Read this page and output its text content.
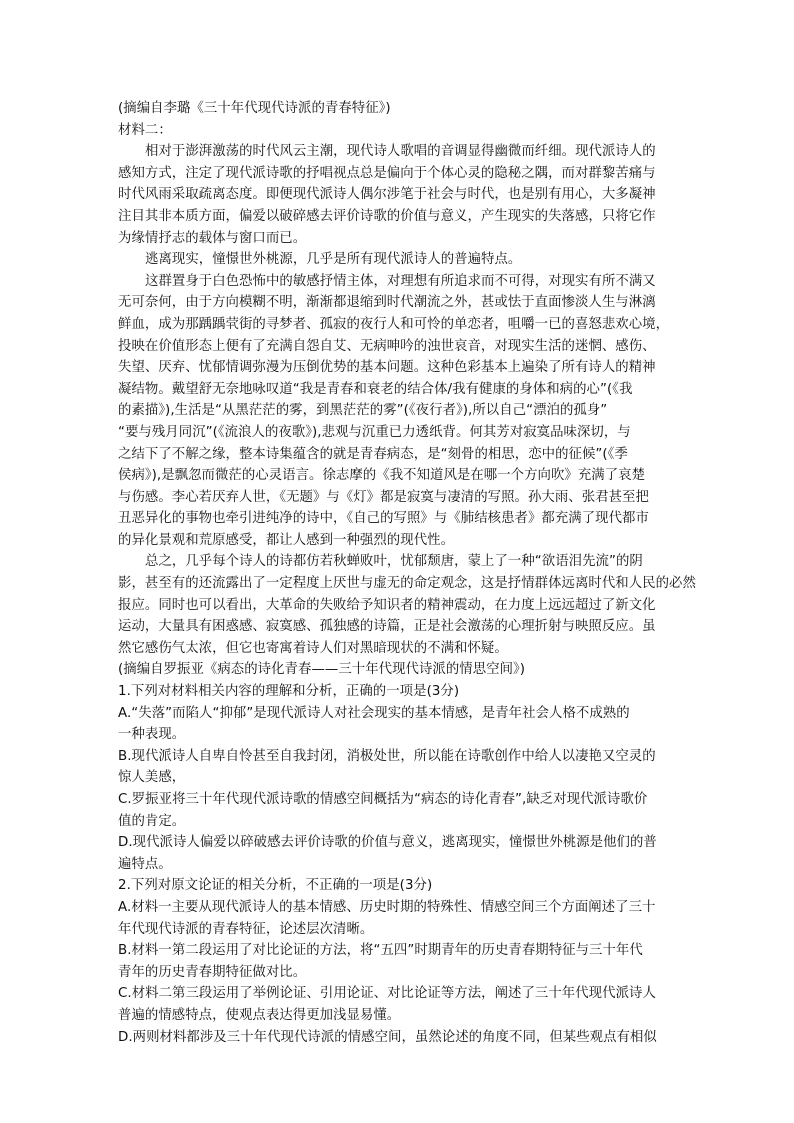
(摘编自李璐《三十年代现代诗派的青春特征》)
材料二：
相对于澎湃激荡的时代风云主潮，现代诗人歌唱的音调显得幽微而纤细。现代派诗人的
感知方式，注定了现代派诗歌的抒唱视点总是偏向于个体心灵的隐秘之隅，而对群黎苦痛与
时代风雨采取疏离态度。即便现代派诗人偶尔涉笔于社会与时代，也是别有用心，大多凝神
注目其非本质方面，偏爱以破碎感去评价诗歌的价值与意义，产生现实的失落感，只将它作
为缘情抒志的载体与窗口而已。
逃离现实，憧憬世外桃源，几乎是所有现代派诗人的普遍特点。
这群置身于白色恐怖中的敏感抒情主体，对理想有所追求而不可得，对现实有所不满又
无可奈何，由于方向模糊不明，渐渐都退缩到时代潮流之外，甚或怯于直面惨淡人生与淋漓
鲜血，成为那踽踽茕街的寻梦者、孤寂的夜行人和可怜的单恋者，咀嚼一已的喜怒悲欢心境，
投映在价值形态上便有了充满自怨自艾、无病呻吟的浊世哀音，对现实生活的迷惘、感伤、
失望、厌弃、忧郁情调弥漫为压倒优势的基本问题。这种色彩基本上遍染了所有诗人的精神
凝结物。戴望舒无奈地咏叹道“我是青春和衰老的结合体/我有健康的身体和病的心”(《我
的素描》),生活是“从黑茫茫的雾，到黑茫茫的雾”(《夜行者》),所以自己“漂泊的孤身”
“要与残月同沉”(《流浪人的夜歌》),悲观与沉重已力透纸背。何其芳对寂寞品味深切，与
之结下了不解之缘，整本诗集蕴含的就是青春病态，是“刻骨的相思，恋中的征候”(《季
侯病》),是飘忽而微茫的心灵语言。徐志摩的《我不知道风是在哪一个方向吹》充满了哀楚
与伤感。李心若厌弃人世，《无题》与《灯》都是寂寞与凄清的写照。孙大雨、张君甚至把
丑恶异化的事物也牵引进纯净的诗中，《自己的写照》与《肺结核患者》都充满了现代都市
的异化景观和荒原感受，都让人感到一种强烈的现代性。
总之，几乎每个诗人的诗都仿若秋蝉败叶，忧郁颓唐，蒙上了一种“欲语泪先流”的阴
影，甚至有的还流露出了一定程度上厌世与虚无的命定观念，这是抒情群体远离时代和人民的必然
报应。同时也可以看出，大革命的失败给予知识者的精神震动，在力度上远远超过了新文化
运动，大量具有困惑感、寂寞感、孤独感的诗篇，正是社会激荡的心理折射与映照反应。虽
然它感伤气太浓，但它也寄寓着诗人们对黑暗现状的不满和怀疑。
(摘编自罗振亚《病态的诗化青春——三十年代现代诗派的情思空间》)
1.下列对材料相关内容的理解和分析，正确的一项是(3分)
A.“失落”而陷人“抑郁”是现代派诗人对社会现实的基本情感，是青年社会人格不成熟的
一种表现。
B.现代派诗人自卑自怜甚至自我封闭，消极处世，所以能在诗歌创作中给人以凄艳又空灵的
惊人美感，
C.罗振亚将三十年代现代派诗歌的情感空间概括为“病态的诗化青春”,缺乏对现代派诗歌价
值的肯定。
D.现代派诗人偏爱以碎破感去评价诗歌的价值与意义，逃离现实，憧憬世外桃源是他们的普
遍特点。
2.下列对原文论证的相关分析，不正确的一项是(3分)
A.材料一主要从现代派诗人的基本情感、历史时期的特殊性、情感空间三个方面阐述了三十
年代现代诗派的青春特征，论述层次清晰。
B.材料一第二段运用了对比论证的方法，将“五四”时期青年的历史青春期特征与三十年代
青年的历史青春期特征做对比。
C.材料二第三段运用了举例论证、引用论证、对比论证等方法，阐述了三十年代现代派诗人
普遍的情感特点，使观点表达得更加浅显易懂。
D.两则材料都涉及三十年代现代诗派的情感空间，虽然论述的角度不同，但某些观点有相似
